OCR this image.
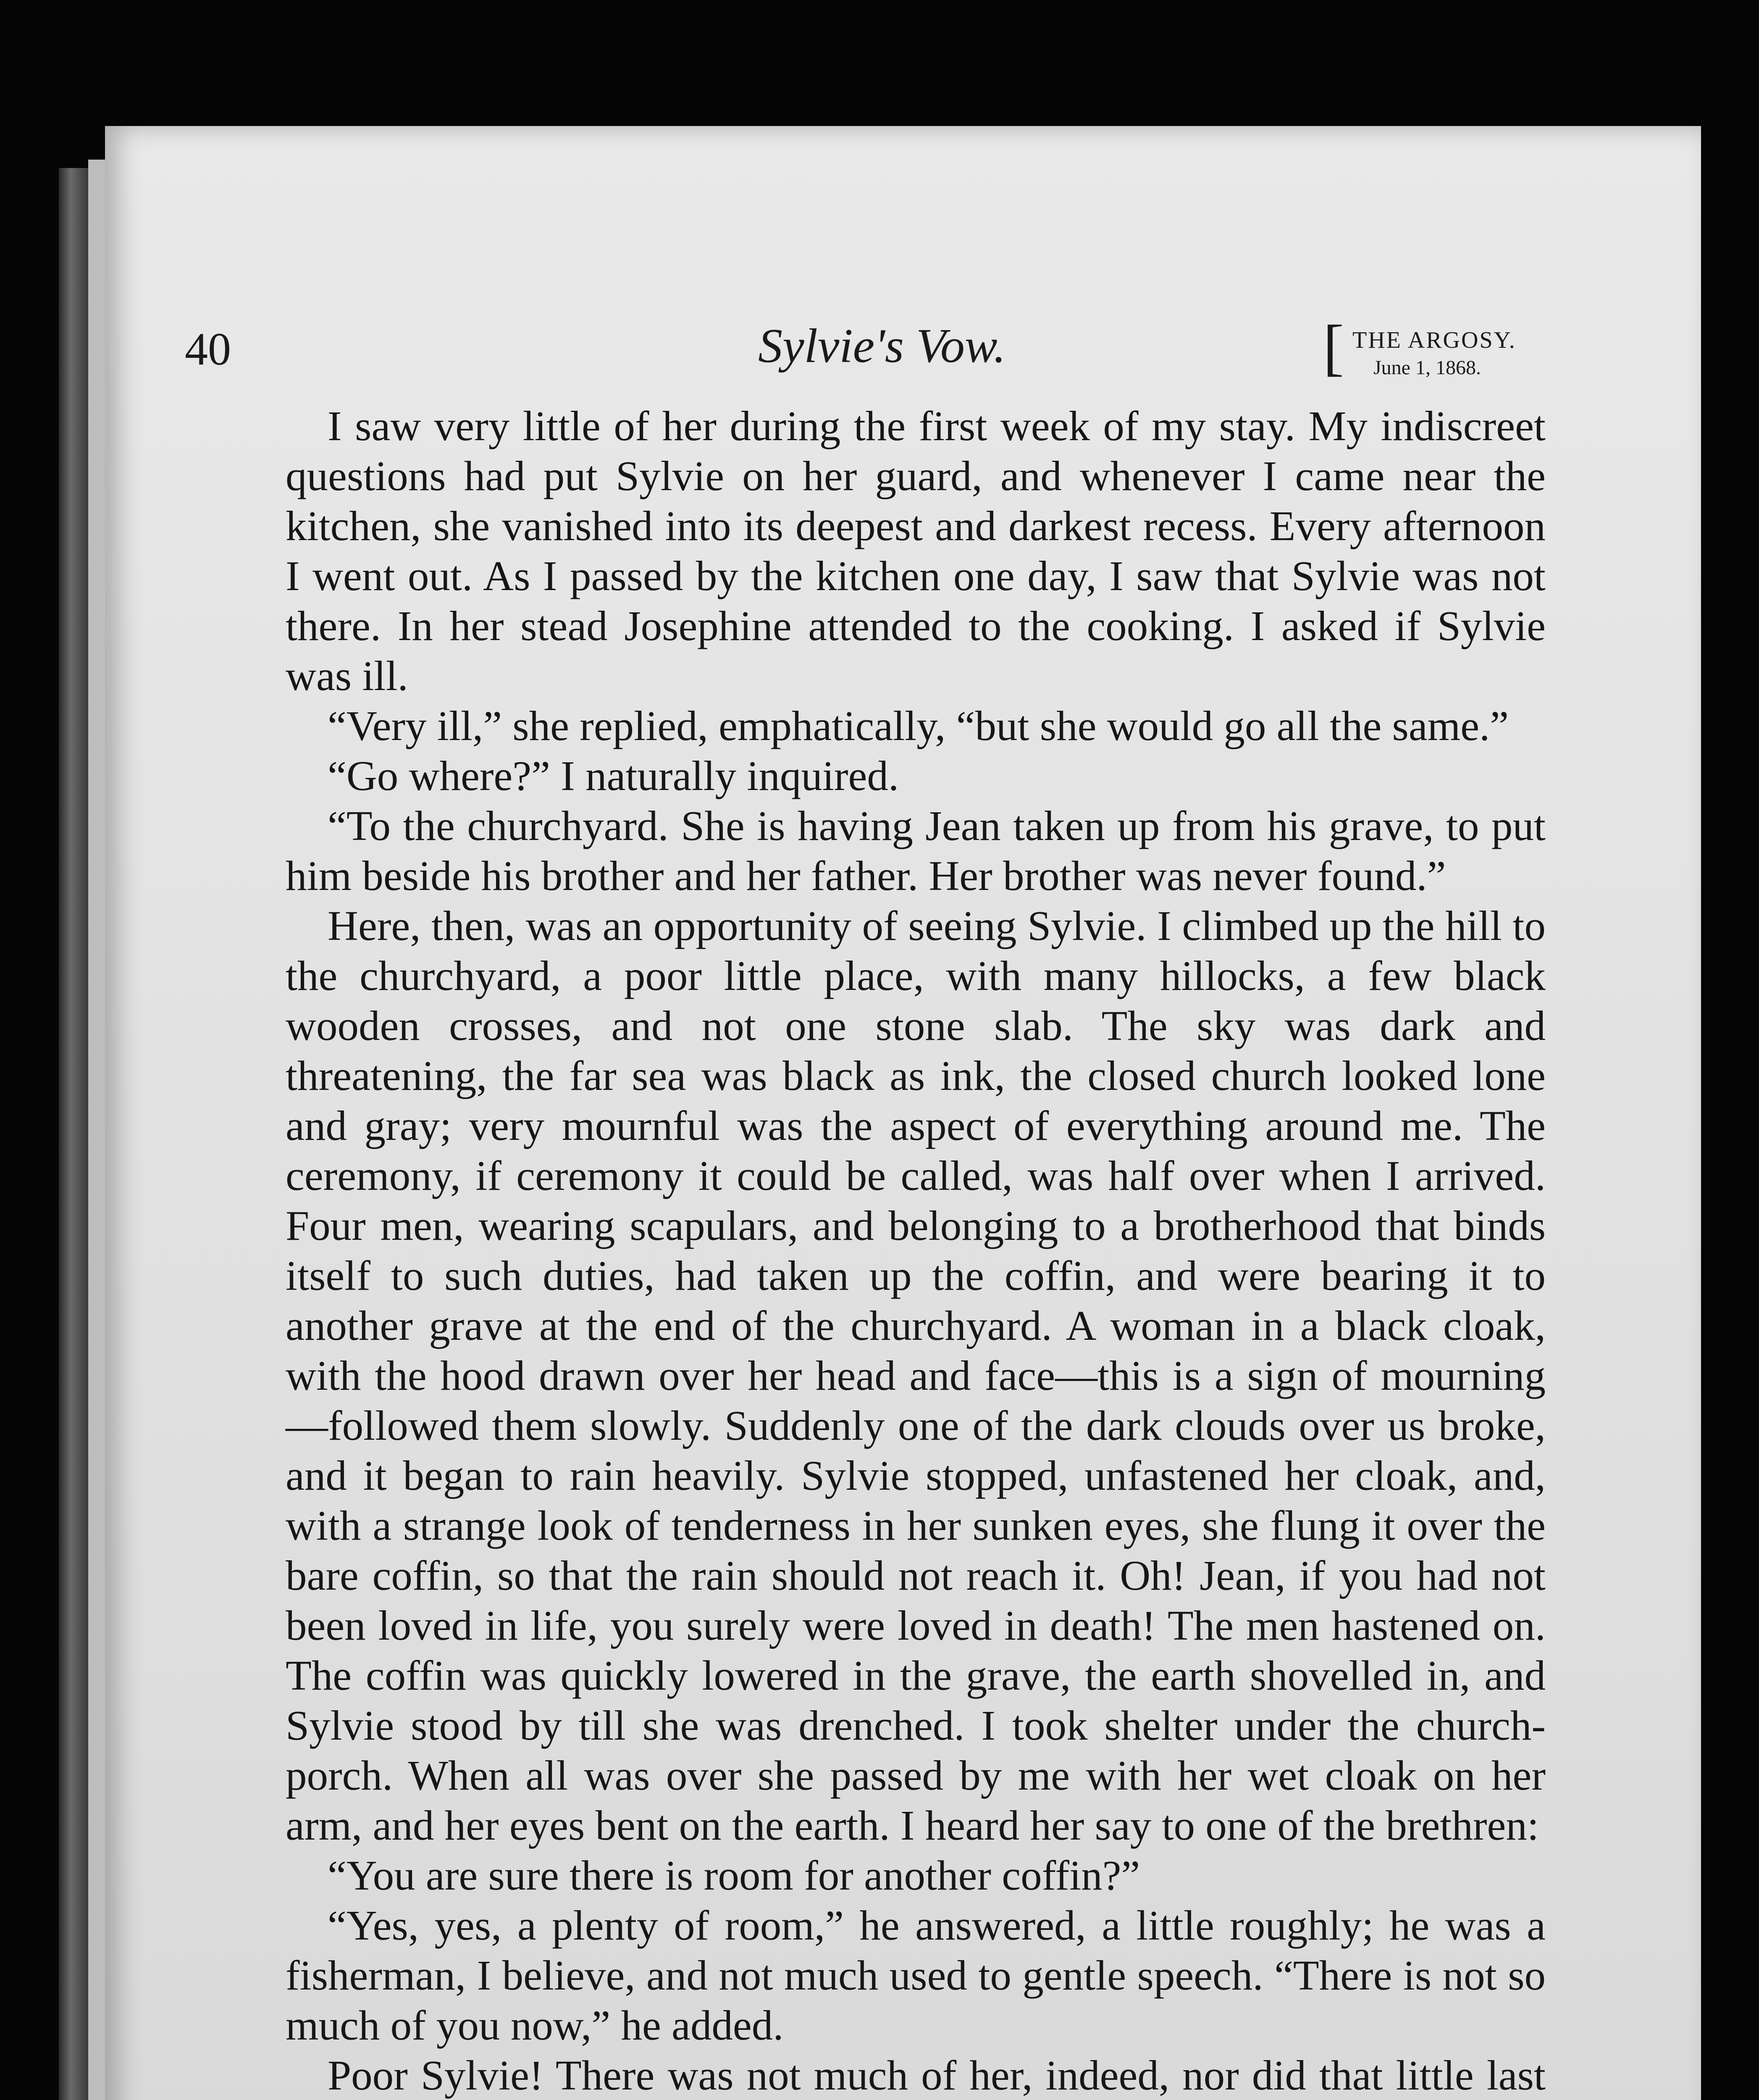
40	Sylvie's Vow.	[ THE ARGOSY.
June 1, 1868.

I saw very little of her during the first week of my stay. My indiscreet questions had put Sylvie on her guard, and whenever I came near the kitchen, she vanished into its deepest and darkest recess. Every afternoon I went out. As I passed by the kitchen one day, I saw that Sylvie was not there. In her stead Josephine attended to the cooking. I asked if Sylvie was ill.

“Very ill,” she replied, emphatically, “but she would go all the same.”

“Go where?” I naturally inquired.

“To the churchyard. She is having Jean taken up from his grave, to put him beside his brother and her father. Her brother was never found.”

Here, then, was an opportunity of seeing Sylvie. I climbed up the hill to the churchyard, a poor little place, with many hillocks, a few black wooden crosses, and not one stone slab. The sky was dark and threatening, the far sea was black as ink, the closed church looked lone and gray; very mournful was the aspect of everything around me. The ceremony, if ceremony it could be called, was half over when I arrived. Four men, wearing scapulars, and belonging to a brotherhood that binds itself to such duties, had taken up the coffin, and were bearing it to another grave at the end of the churchyard. A woman in a black cloak, with the hood drawn over her head and face—this is a sign of mourning—followed them slowly. Suddenly one of the dark clouds over us broke, and it began to rain heavily. Sylvie stopped, unfastened her cloak, and, with a strange look of tenderness in her sunken eyes, she flung it over the bare coffin, so that the rain should not reach it. Oh! Jean, if you had not been loved in life, you surely were loved in death! The men hastened on. The coffin was quickly lowered in the grave, the earth shovelled in, and Sylvie stood by till she was drenched. I took shelter under the church-porch. When all was over she passed by me with her wet cloak on her arm, and her eyes bent on the earth. I heard her say to one of the brethren:

“You are sure there is room for another coffin?”

“Yes, yes, a plenty of room,” he answered, a little roughly; he was a fisherman, I believe, and not much used to gentle speech. “There is not so much of you now,” he added.

Poor Sylvie! There was not much of her, indeed, nor did that little last
